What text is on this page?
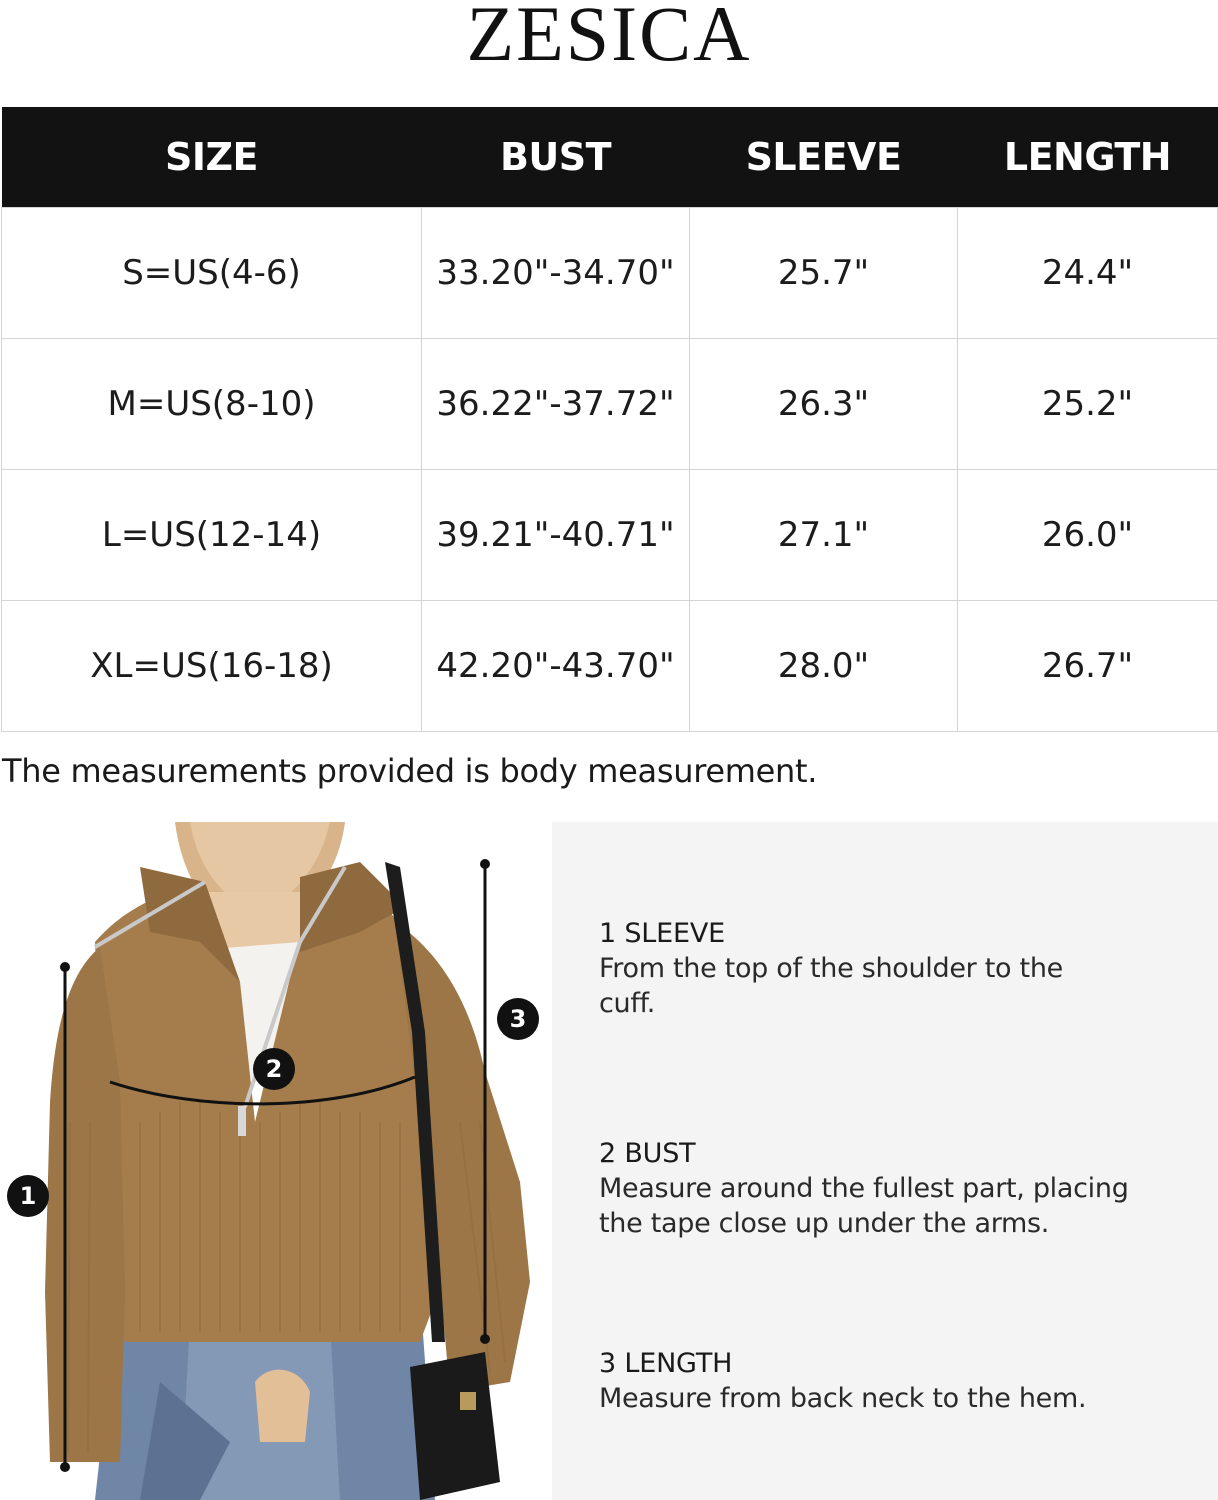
ZESICA
SIZE	BUST	SLEEVE	LENGTH
S=US(4-6)	33.20"-34.70"	25.7"	24.4"
M=US(8-10)	36.22"-37.72"	26.3"	25.2"
L=US(12-14)	39.21"-40.71"	27.1"	26.0"
XL=US(16-18)	42.20"-43.70"	28.0"	26.7"
The measurements provided is body measurement.
1
2
3
1 SLEEVE
From the top of the shoulder to the cuff.
2 BUST
Measure around the fullest part, placing the tape close up under the arms.
3 LENGTH
Measure from back neck to the hem.
